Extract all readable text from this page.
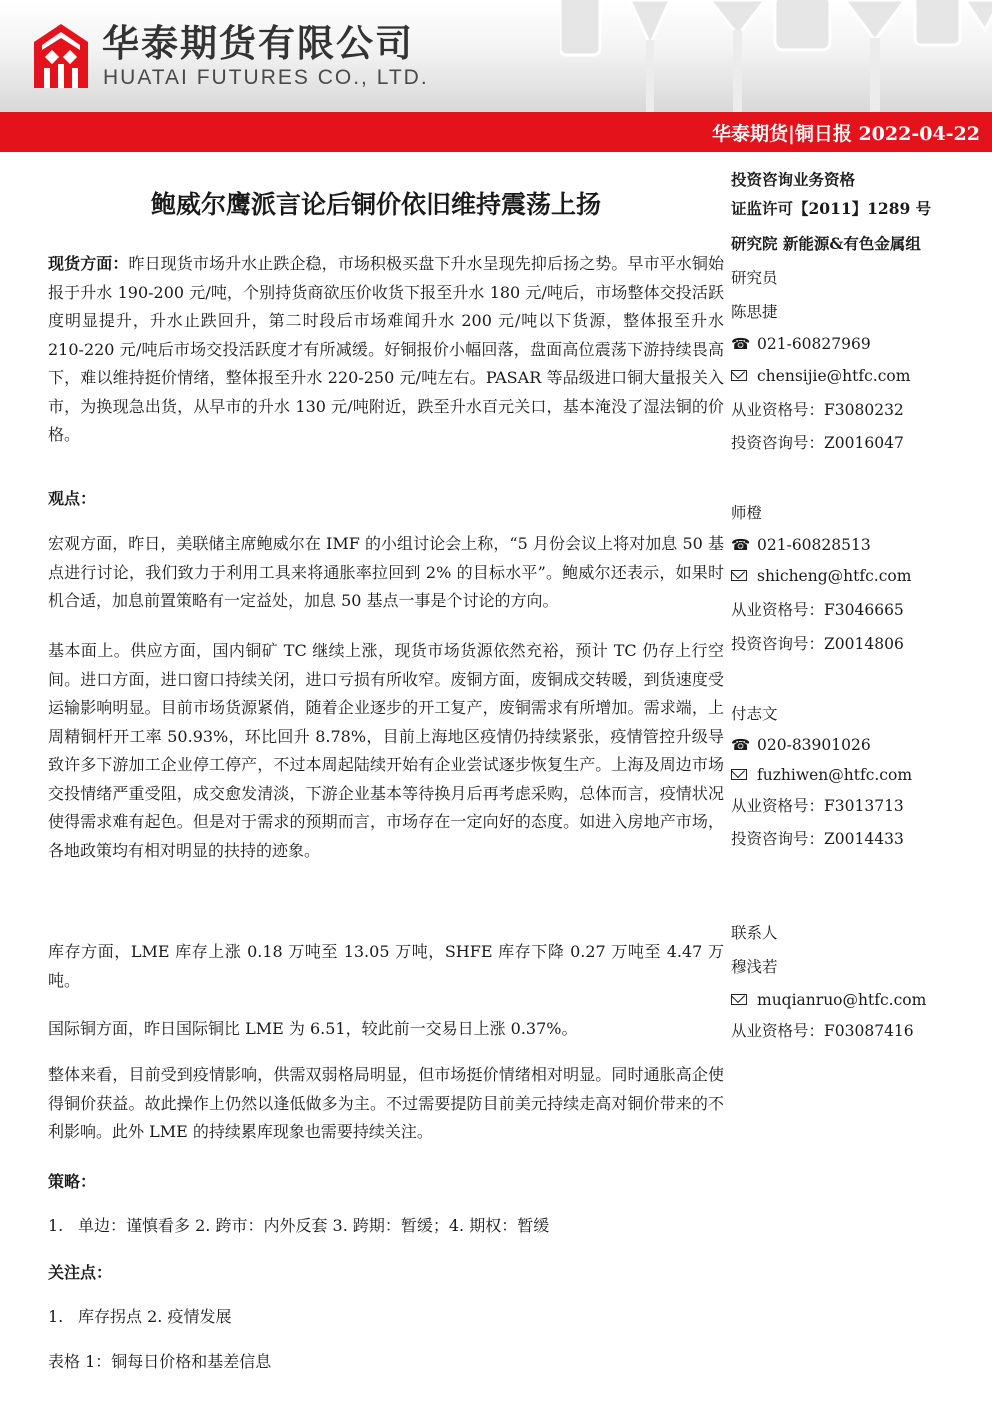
华泰期货有限公司
HUATAI FUTURES CO., LTD.
华泰期货|铜日报 2022-04-22
鲍威尔鹰派言论后铜价依旧维持震荡上扬
现货方面：昨日现货市场升水止跌企稳，市场积极买盘下升水呈现先抑后扬之势。早市平水铜始报于升水 190-200 元/吨，个别持货商欲压价收货下报至升水 180 元/吨后，市场整体交投活跃度明显提升，升水止跌回升，第二时段后市场难闻升水 200 元/吨以下货源，整体报至升水 210-220 元/吨后市场交投活跃度才有所减缓。好铜报价小幅回落，盘面高位震荡下游持续畏高下，难以维持挺价情绪，整体报至升水 220-250 元/吨左右。PASAR 等品级进口铜大量报关入市，为换现急出货，从早市的升水 130 元/吨附近，跌至升水百元关口，基本淹没了湿法铜的价格。
观点：
宏观方面，昨日，美联储主席鲍威尔在 IMF 的小组讨论会上称，“5 月份会议上将对加息 50 基点进行讨论，我们致力于利用工具来将通胀率拉回到 2% 的目标水平”。鲍威尔还表示，如果时机合适，加息前置策略有一定益处，加息 50 基点一事是个讨论的方向。
基本面上。供应方面，国内铜矿 TC 继续上涨，现货市场货源依然充裕，预计 TC 仍存上行空间。进口方面，进口窗口持续关闭，进口亏损有所收窄。废铜方面，废铜成交转暖，到货速度受运输影响明显。目前市场货源紧俏，随着企业逐步的开工复产，废铜需求有所增加。需求端，上周精铜杆开工率 50.93%，环比回升 8.78%，目前上海地区疫情仍持续紧张，疫情管控升级导致许多下游加工企业停工停产，不过本周起陆续开始有企业尝试逐步恢复生产。上海及周边市场交投情绪严重受阻，成交愈发清淡，下游企业基本等待换月后再考虑采购，总体而言，疫情状况使得需求难有起色。但是对于需求的预期而言，市场存在一定向好的态度。如进入房地产市场，各地政策均有相对明显的扶持的迹象。
库存方面，LME 库存上涨 0.18 万吨至 13.05 万吨，SHFE 库存下降 0.27 万吨至 4.47 万吨。
国际铜方面，昨日国际铜比 LME 为 6.51，较此前一交易日上涨 0.37%。
整体来看，目前受到疫情影响，供需双弱格局明显，但市场挺价情绪相对明显。同时通胀高企使得铜价获益。故此操作上仍然以逢低做多为主。不过需要提防目前美元持续走高对铜价带来的不利影响。此外 LME 的持续累库现象也需要持续关注。
策略：
1. 单边：谨慎看多 2. 跨市：内外反套 3. 跨期：暂缓；4. 期权：暂缓
关注点：
1. 库存拐点 2. 疫情发展
表格 1：铜每日价格和基差信息
投资咨询业务资格
证监许可【2011】1289 号
研究院 新能源&有色金属组
研究员
陈思捷
☎ 021-60827969
chensijie@htfc.com
从业资格号：F3080232
投资咨询号：Z0016047
师橙
☎ 021-60828513
shicheng@htfc.com
从业资格号：F3046665
投资咨询号：Z0014806
付志文
☎ 020-83901026
fuzhiwen@htfc.com
从业资格号：F3013713
投资咨询号：Z0014433
联系人
穆浅若
muqianruo@htfc.com
从业资格号：F03087416
